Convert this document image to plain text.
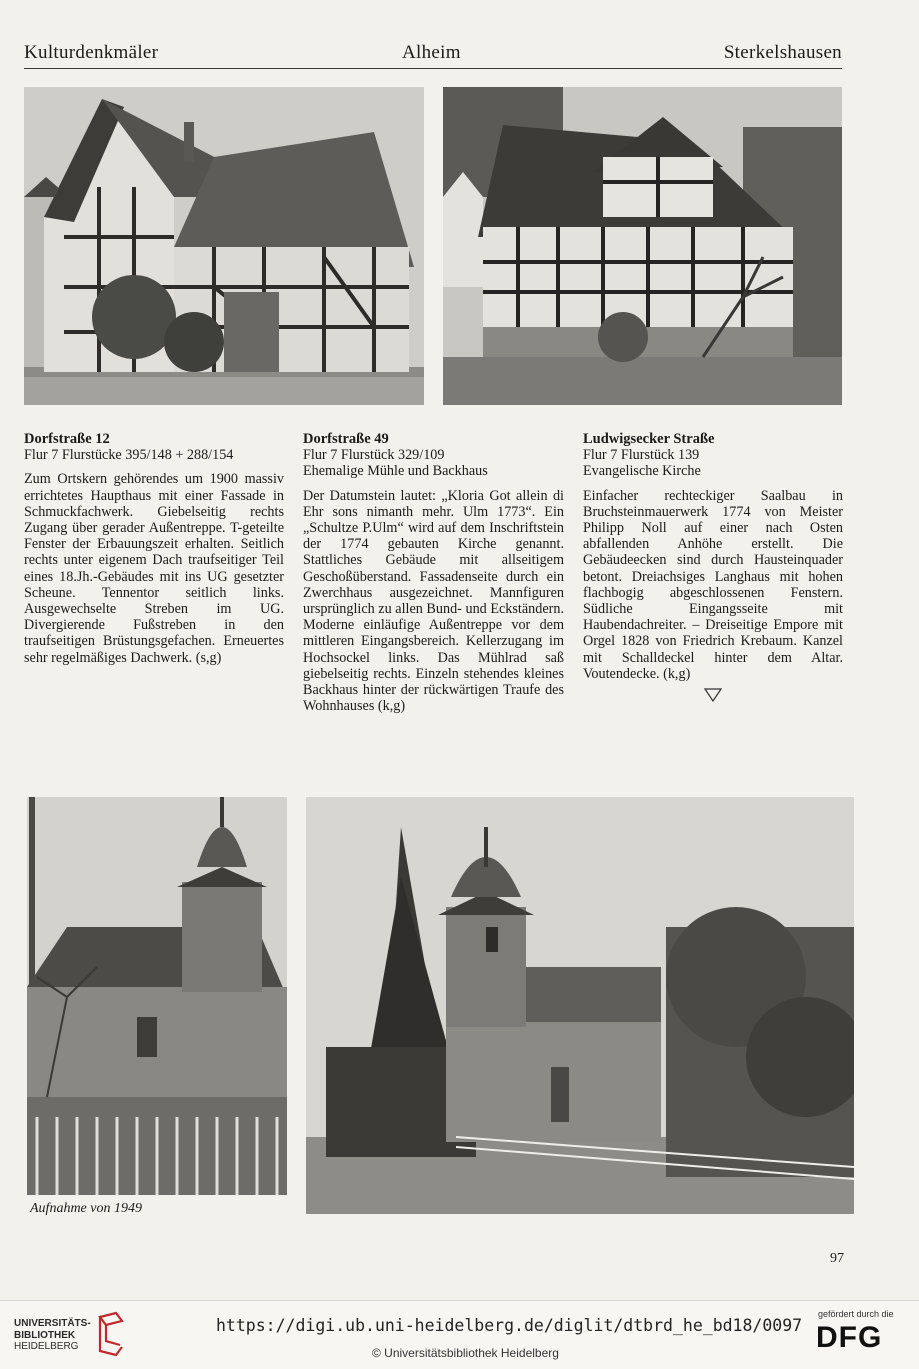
Kulturdenkmäler	Alheim	Sterkelshausen
Dorfstraße 12
Flur 7 Flurstücke 395/148 + 288/154
Zum Ortskern gehörendes um 1900 massiv errichtetes Haupthaus mit einer Fassade in Schmuckfachwerk. Giebelseitig rechts Zugang über gerader Außentreppe. T-geteilte Fenster der Erbauungszeit erhalten. Seitlich rechts unter eigenem Dach traufseitiger Teil eines 18.Jh.-Gebäudes mit ins UG gesetzter Scheune. Tennentor seitlich links. Ausgewechselte Streben im UG. Divergierende Fußstreben in den traufseitigen Brüstungsgefachen. Erneuertes sehr regelmäßiges Dachwerk. (s,g)
Dorfstraße 49
Flur 7 Flurstück 329/109
Ehemalige Mühle und Backhaus
Der Datumstein lautet: „Kloria Got allein di Ehr sons nimanth mehr. Ulm 1773“. Ein „Schultze P.Ulm“ wird auf dem Inschriftstein der 1774 gebauten Kirche genannt. Stattliches Gebäude mit allseitigem Geschoßüberstand. Fassadenseite durch ein Zwerchhaus ausgezeichnet. Mannfiguren ursprünglich zu allen Bund- und Eckständern. Moderne einläufige Außentreppe vor dem mittleren Eingangsbereich. Kellerzugang im Hochsockel links. Das Mühlrad saß giebelseitig rechts. Einzeln stehendes kleines Backhaus hinter der rückwärtigen Traufe des Wohnhauses (k,g)
Ludwigsecker Straße
Flur 7 Flurstück 139
Evangelische Kirche
Einfacher rechteckiger Saalbau in Bruchsteinmauerwerk 1774 von Meister Philipp Noll auf einer nach Osten abfallenden Anhöhe erstellt. Die Gebäudeecken sind durch Hausteinquader betont. Dreiachsiges Langhaus mit hohen flachbogig abgeschlossenen Fenstern. Südliche Eingangsseite mit Haubendachreiter. – Dreiseitige Empore mit Orgel 1828 von Friedrich Krebaum. Kanzel mit Schalldeckel hinter dem Altar. Voutendecke. (k,g)
Aufnahme von 1949
97
UNIVERSITÄTS-
BIBLIOTHEK
HEIDELBERG
https://digi.ub.uni-heidelberg.de/diglit/dtbrd_he_bd18/0097
© Universitätsbibliothek Heidelberg
gefördert durch die
DFG
